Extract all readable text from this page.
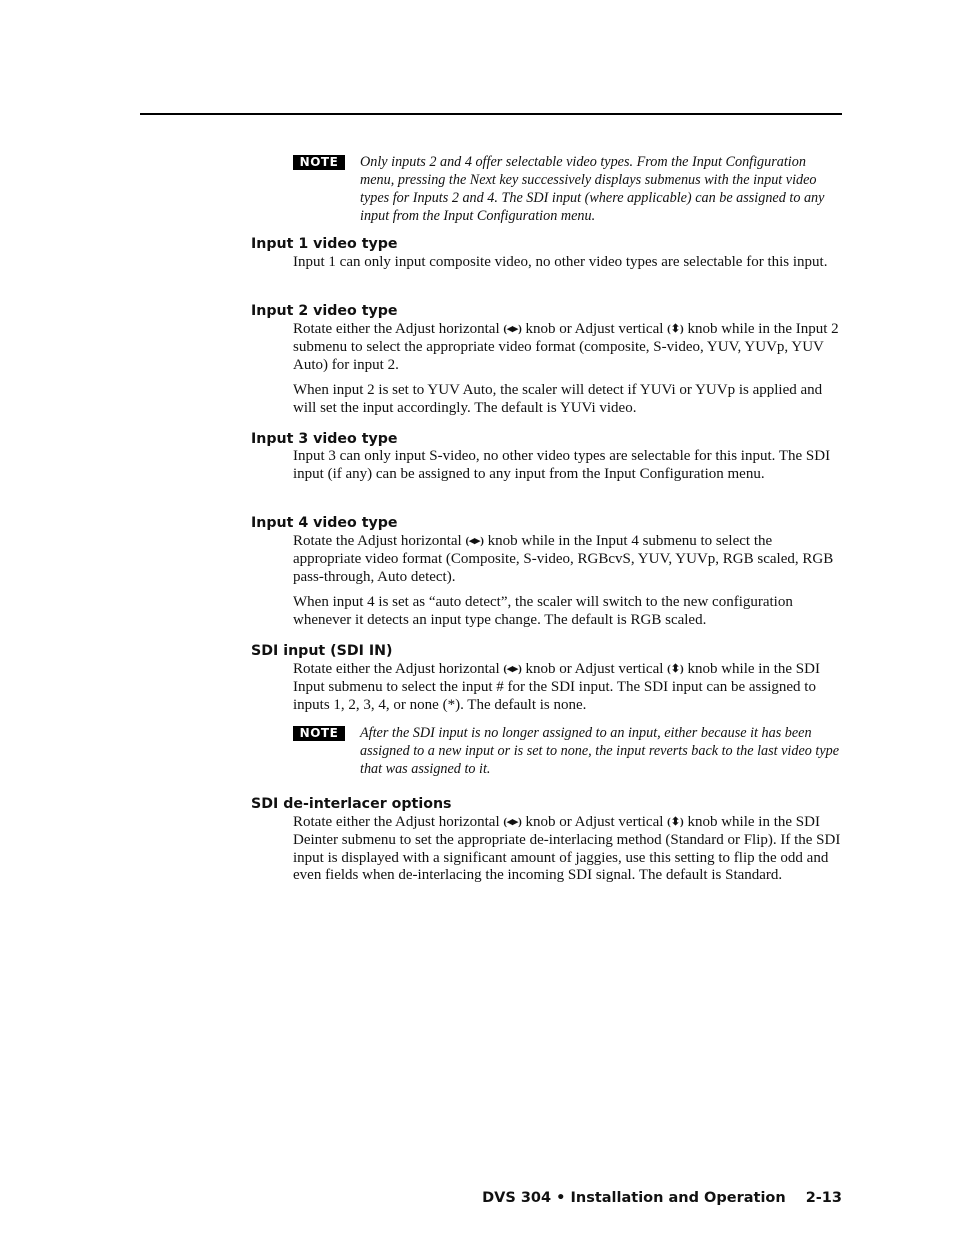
NOTE	Only inputs 2 and 4 offer selectable video types. From the Input Configuration menu, pressing the Next key successively displays submenus with the input video types for Inputs 2 and 4. The SDI input (where applicable) can be assigned to any input from the Input Configuration menu.
Input 1 video type

Input 1 can only input composite video, no other video types are selectable for this input.

Input 2 video type

Rotate either the Adjust horizontal (◂▸) knob or Adjust vertical (⬍) knob while in the Input 2 submenu to select the appropriate video format (composite, S-video, YUV, YUVp, YUV Auto) for input 2.

When input 2 is set to YUV Auto, the scaler will detect if YUVi or YUVp is applied and will set the input accordingly. The default is YUVi video.

Input 3 video type

Input 3 can only input S-video, no other video types are selectable for this input. The SDI input (if any) can be assigned to any input from the Input Configuration menu.

Input 4 video type

Rotate the Adjust horizontal (◂▸) knob while in the Input 4 submenu to select the appropriate video format (Composite, S-video, RGBcvS, YUV, YUVp, RGB scaled, RGB pass-through, Auto detect).

When input 4 is set as “auto detect”, the scaler will switch to the new configuration whenever it detects an input type change. The default is RGB scaled.

SDI input (SDI IN)

Rotate either the Adjust horizontal (◂▸) knob or Adjust vertical (⬍) knob while in the SDI Input submenu to select the input # for the SDI input. The SDI input can be assigned to inputs 1, 2, 3, 4, or none (*). The default is none.

NOTE	After the SDI input is no longer assigned to an input, either because it has been assigned to a new input or is set to none, the input reverts back to the last video type that was assigned to it.
SDI de-interlacer options

Rotate either the Adjust horizontal (◂▸) knob or Adjust vertical (⬍) knob while in the SDI Deinter submenu to set the appropriate de-interlacing method (Standard or Flip). If the SDI input is displayed with a significant amount of jaggies, use this setting to flip the odd and even fields when de-interlacing the incoming SDI signal. The default is Standard.

DVS 304 • Installation and Operation 2-13
